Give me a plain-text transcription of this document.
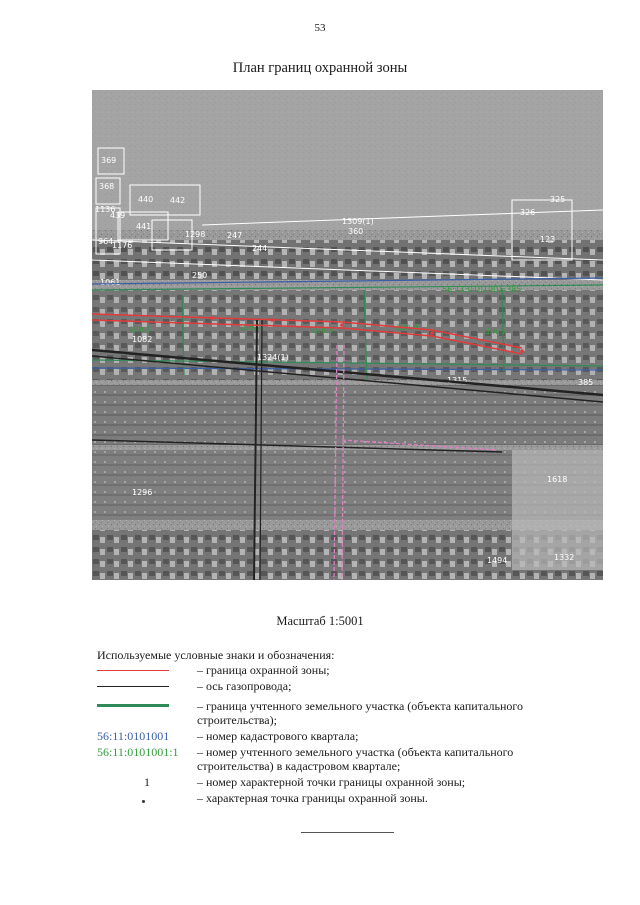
53
План границ охранной зоны
369
368
1136
440 442
439
441
1298
1176
964
247
244
1309(1)
360
326
325
123
1296
1618
1494	1332
1315
1061
1082
1324(1)
250
385
Шл.1	Шл.2	Шл.3	Шл.4	Шл.5
56:11:0101001:385
Масштаб 1:5001
Используемые условные знаки и обозначения:
– граница охранной зоны;
– ось газопровода;
– граница учтенного земельного участка (объекта капитального строительства);
56:11:0101001	– номер кадастрового квартала;
56:11:0101001:1	– номер учтенного земельного участка (объекта капитального строительства) в кадастровом квартале;
1	– номер характерной точки границы охранной зоны;
– характерная точка границы охранной зоны.
